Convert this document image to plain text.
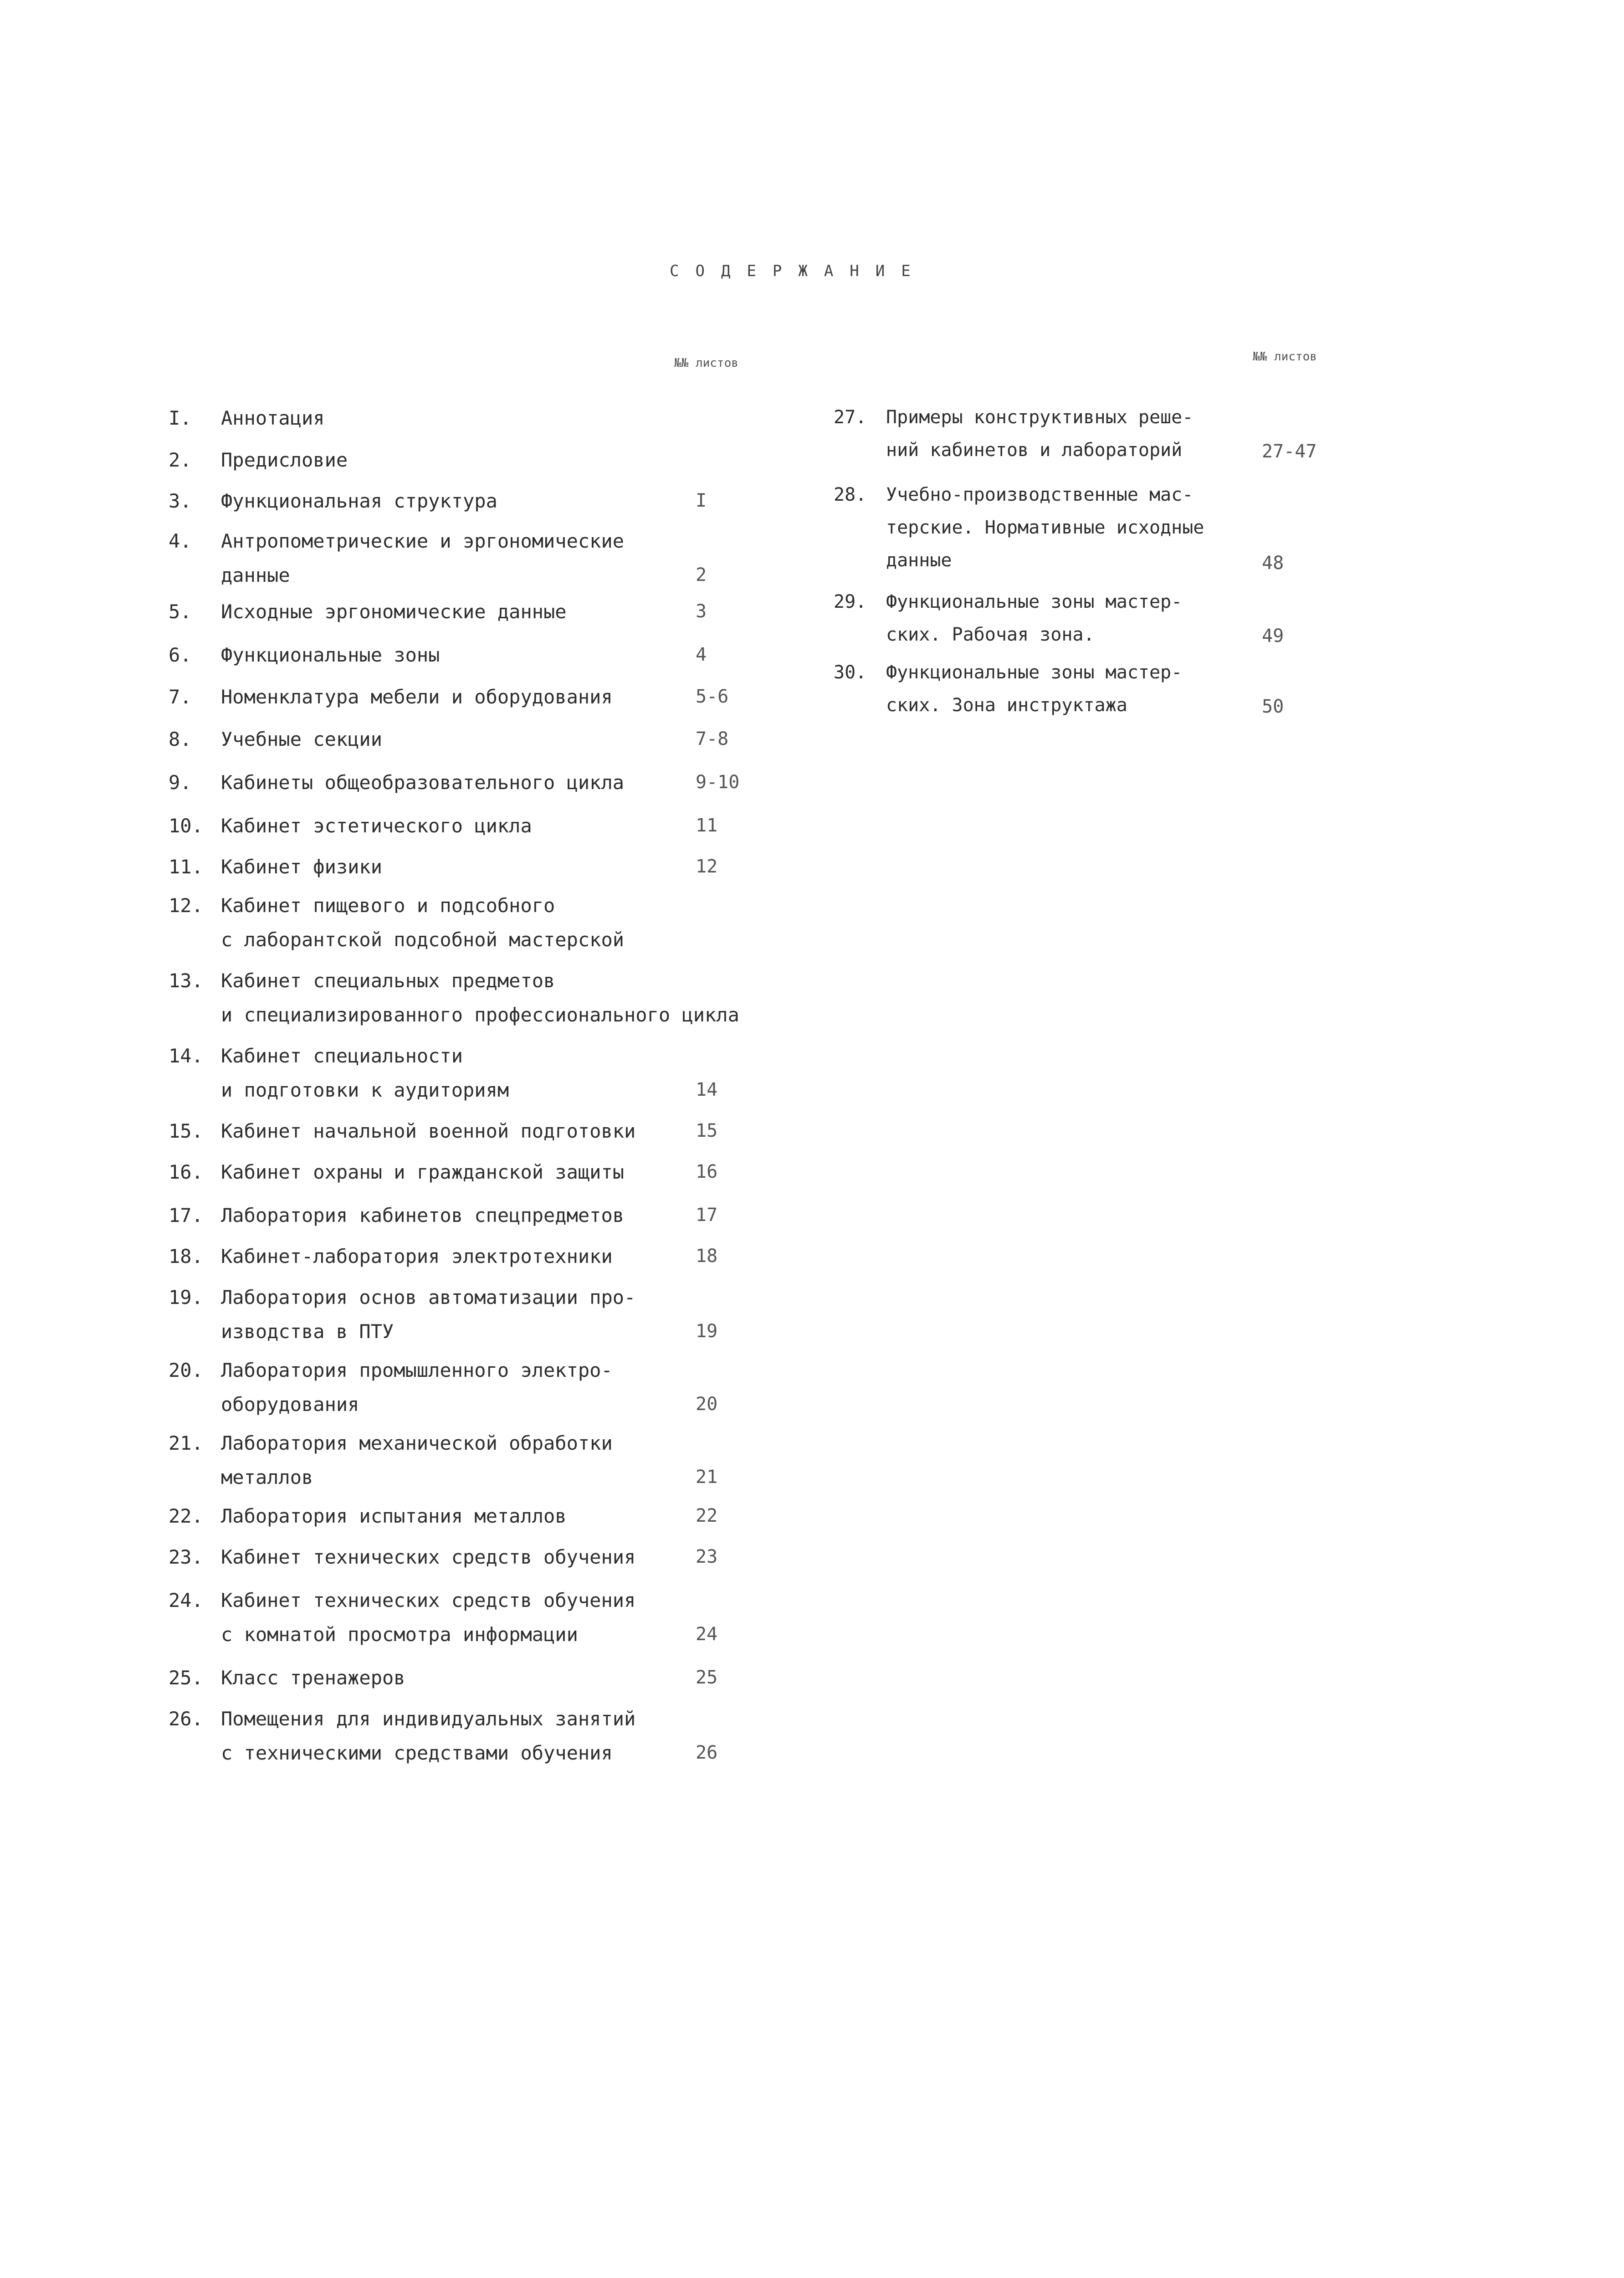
СОДЕРЖАНИЕ
№№ листов	№№ листов
I. Аннотация
2. Предисловие
3. Функциональная структура	I
4. Антропометрические и эргономические
данные	2
5. Исходные эргономические данные	3
6. Функциональные зоны	4
7. Номенклатура мебели и оборудования	5-6
8. Учебные секции	7-8
9. Кабинеты общеобразовательного цикла	9-10
10. Кабинет эстетического цикла	11
11. Кабинет физики	12
12. Кабинет пищевого и подсобного
с лаборантской подсобной мастерской
13. Кабинет специальных предметов
и специализированного профессионального цикла
14. Кабинет специальности
и подготовки к аудиториям	14
15. Кабинет начальной военной подготовки	15
16. Кабинет охраны и гражданской защиты	16
17. Лаборатория кабинетов спецпредметов	17
18. Кабинет-лаборатория электротехники	18
19. Лаборатория основ автоматизации про-
изводства в ПТУ	19
20. Лаборатория промышленного электро-
оборудования	20
21. Лаборатория механической обработки
металлов	21
22. Лаборатория испытания металлов	22
23. Кабинет технических средств обучения	23
24. Кабинет технических средств обучения
с комнатой просмотра информации	24
25. Класс тренажеров	25
26. Помещения для индивидуальных занятий
с техническими средствами обучения	26
27. Примеры конструктивных реше-
ний кабинетов и лабораторий	27-47
28. Учебно-производственные мас-
терские. Нормативные исходные
данные	48
29. Функциональные зоны мастер-
ских. Рабочая зона.	49
30. Функциональные зоны мастер-
ских. Зона инструктажа	50
